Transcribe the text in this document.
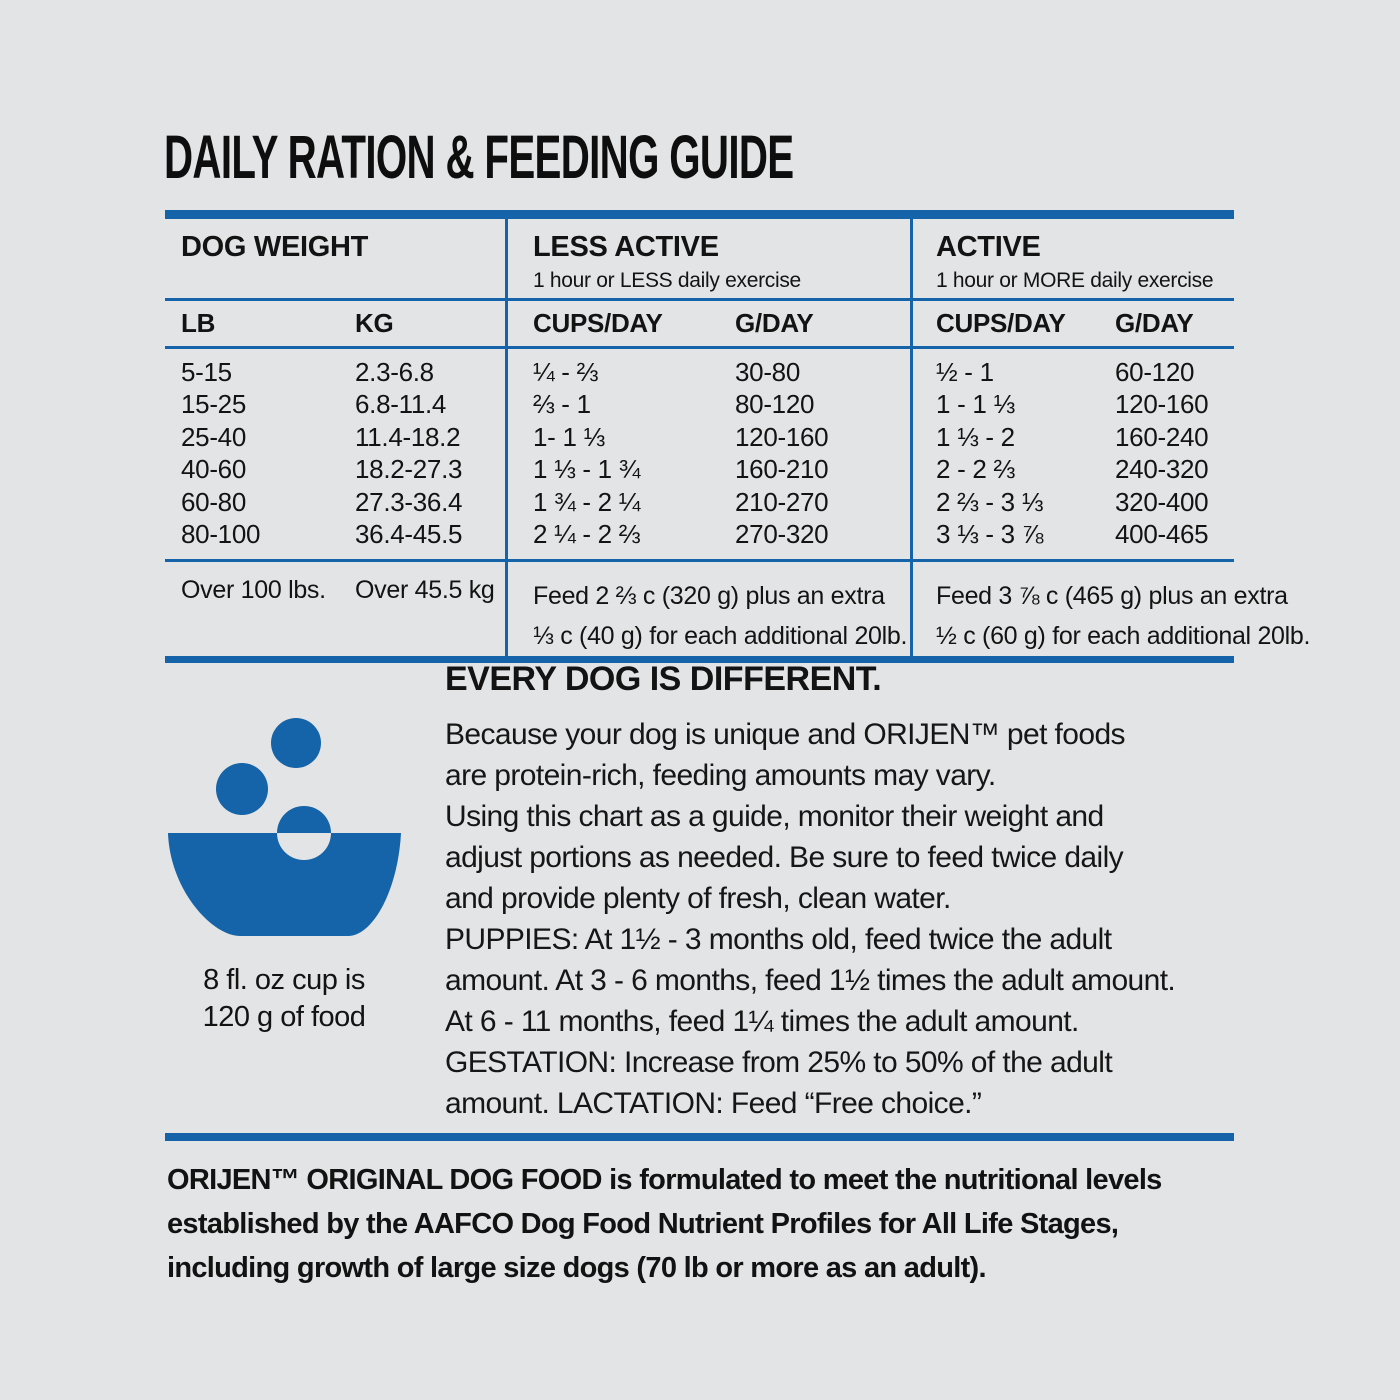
DAILY RATION & FEEDING GUIDE
DOG WEIGHT	LESS ACTIVE
1 hour or LESS daily exercise
ACTIVE
1 hour or MORE daily exercise
LB	KG	CUPS/DAY	G/DAY	CUPS/DAY G/DAY
5-15	2.3-6.8	¼ - ⅔	30-80	½ - 1	60-120
15-25	6.8-11.4	⅔ - 1	80-120	1 - 1 ⅓	120-160
25-40	11.4-18.2	1- 1 ⅓	120-160	1 ⅓ - 2	160-240
40-60	18.2-27.3	1 ⅓ - 1 ¾	160-210	2 - 2 ⅔	240-320
60-80	27.3-36.4	1 ¾ - 2 ¼	210-270	2 ⅔ - 3 ⅓	320-400
80-100	36.4-45.5	2 ¼ - 2 ⅔	270-320	3 ⅓ - 3 ⅞	400-465
Over 100 lbs. Over 45.5 kg	Feed 2 ⅔ c (320 g) plus an extra
⅓ c (40 g) for each additional 20lb.
Feed 3 ⅞ c (465 g) plus an extra
½ c (60 g) for each additional 20lb.
EVERY DOG IS DIFFERENT.
8 fl. oz cup is
120 g of food
Because your dog is unique and ORIJEN™ pet foods
are protein-rich, feeding amounts may vary.
Using this chart as a guide, monitor their weight and
adjust portions as needed. Be sure to feed twice daily
and provide plenty of fresh, clean water.
PUPPIES: At 1½ - 3 months old, feed twice the adult
amount. At 3 - 6 months, feed 1½ times the adult amount.
At 6 - 11 months, feed 1¼ times the adult amount.
GESTATION: Increase from 25% to 50% of the adult
amount. LACTATION: Feed “Free choice.”
ORIJEN™ ORIGINAL DOG FOOD is formulated to meet the nutritional levels
established by the AAFCO Dog Food Nutrient Profiles for All Life Stages,
including growth of large size dogs (70 lb or more as an adult).
